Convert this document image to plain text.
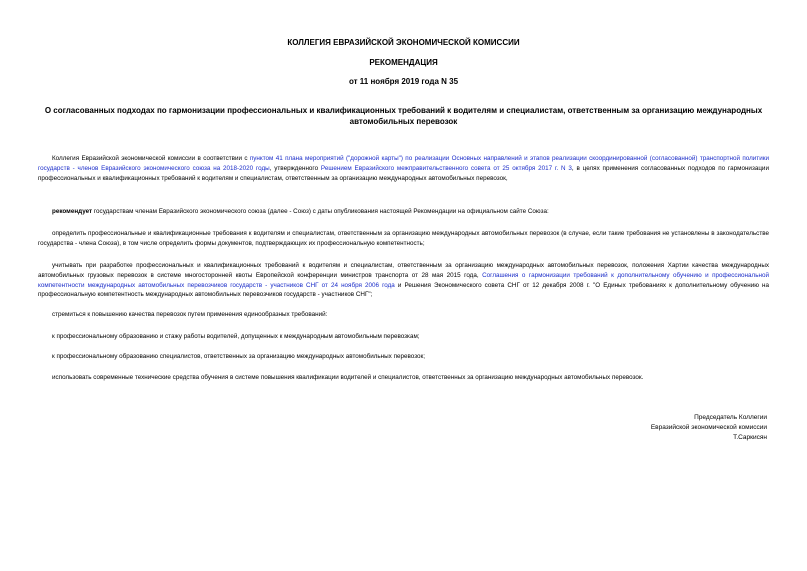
КОЛЛЕГИЯ ЕВРАЗИЙСКОЙ ЭКОНОМИЧЕСКОЙ КОМИССИИ
РЕКОМЕНДАЦИЯ
от 11 ноября 2019 года N 35
О согласованных подходах по гармонизации профессиональных и квалификационных требований к водителям и специалистам, ответственным за организацию международных автомобильных перевозок
Коллегия Евразийской экономической комиссии в соответствии с пунктом 41 плана мероприятий ("дорожной карты") по реализации Основных направлений и этапов реализации скоординированной (согласованной) транспортной политики государств - членов Евразийского экономического союза на 2018-2020 годы, утвержденного Решением Евразийского межправительственного совета от 25 октября 2017 г. N 3, в целях применения согласованных подходов по гармонизации профессиональных и квалификационных требований к водителям и специалистам, ответственным за организацию международных автомобильных перевозок,
рекомендует государствам членам Евразийского экономического союза (далее - Союз) с даты опубликования настоящей Рекомендации на официальном сайте Союза:
определить профессиональные и квалификационные требования к водителям и специалистам, ответственным за организацию международных автомобильных перевозок (в случае, если такие требования не установлены в законодательстве государства - члена Союза), в том числе определить формы документов, подтверждающих их профессиональную компетентность;
учитывать при разработке профессиональных и квалификационных требований к водителям и специалистам, ответственным за организацию международных автомобильных перевозок, положения Хартии качества международных автомобильных грузовых перевозок в системе многосторонней квоты Европейской конференции министров транспорта от 28 мая 2015 года, Соглашения о гармонизации требований к дополнительному обучению и профессиональной компетентности международных автомобильных перевозчиков государств - участников СНГ от 24 ноября 2006 года и Решения Экономического совета СНГ от 12 декабря 2008 г. "О Единых требованиях к дополнительному обучению на профессиональную компетентность международных автомобильных перевозчиков государств - участников СНГ";
стремиться к повышению качества перевозок путем применения единообразных требований:
к профессиональному образованию и стажу работы водителей, допущенных к международным автомобильным перевозкам;
к профессиональному образованию специалистов, ответственных за организацию международных автомобильных перевозок;
использовать современные технические средства обучения в системе повышения квалификации водителей и специалистов, ответственных за организацию международных автомобильных перевозок.
Председатель Коллегии
Евразийской экономической комиссии
Т.Саркисян
